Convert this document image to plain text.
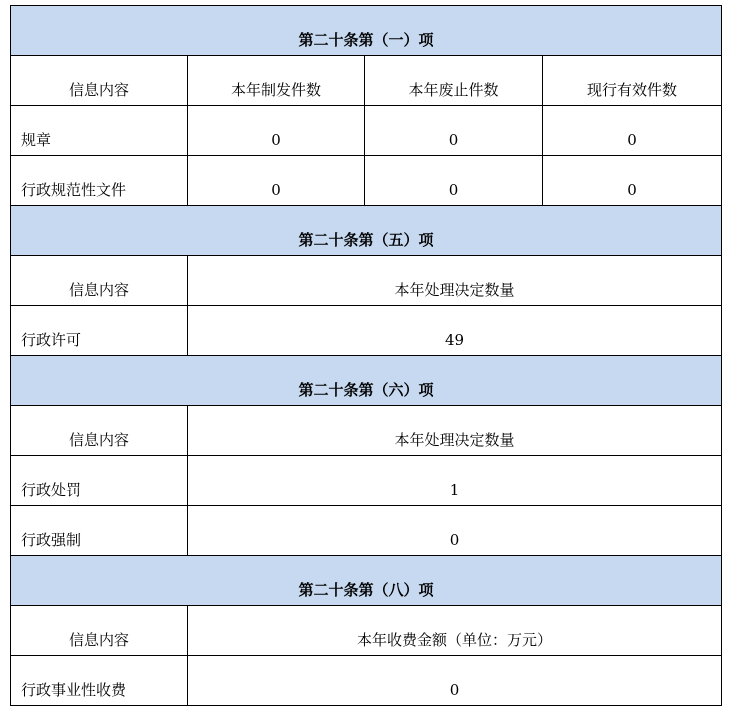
第二十条第（一）项			

信息内容	本年制发件数	本年废止件数	现行有效件数

规章	0	0	0

行政规范性文件	0	0	0

第二十条第（五）项			

信息内容	本年处理决定数量		

行政许可	49		

第二十条第（六）项			

信息内容	本年处理决定数量		

行政处罚	1		

行政强制	0		

第二十条第（八）项			

信息内容	本年收费金额（单位：万元）		

行政事业性收费	0		
